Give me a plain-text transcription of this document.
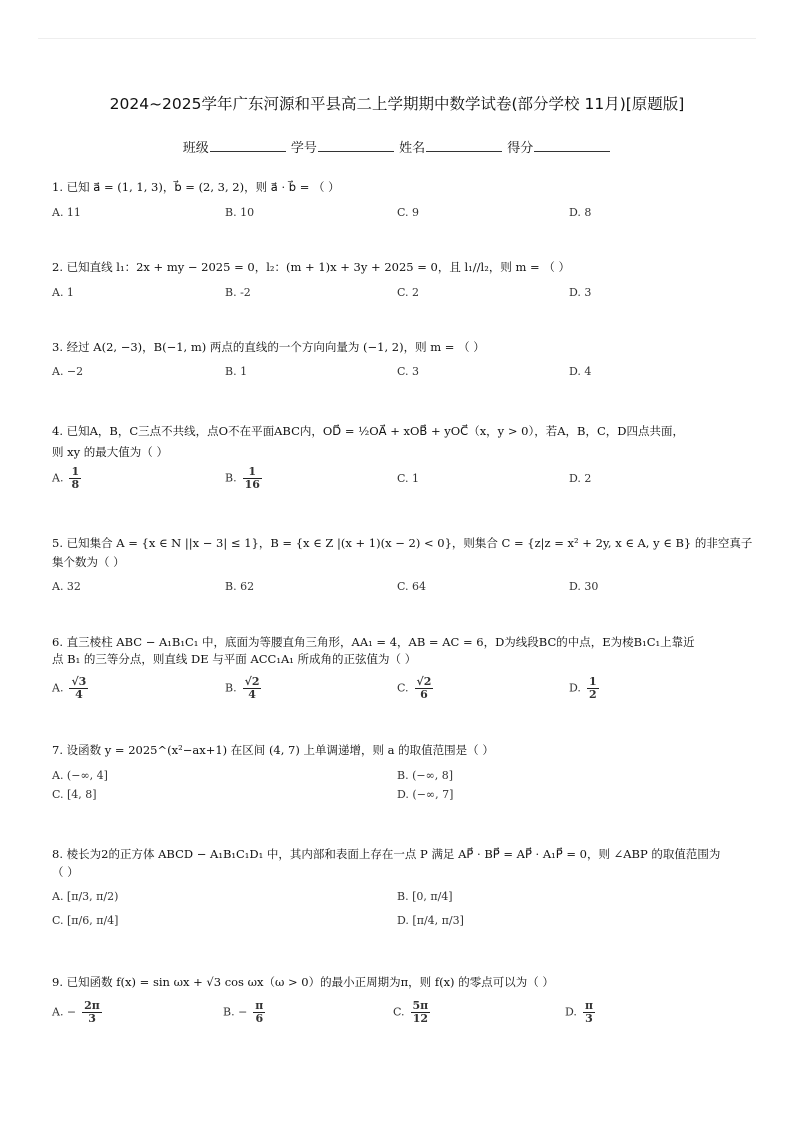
2024~2025学年广东河源和平县高二上学期期中数学试卷(部分学校 11月)[原题版]
班级	学号	姓名	得分
1. 已知 a⃗ = (1, 1, 3)，b⃗ = (2, 3, 2)，则 a⃗ · b⃗ = （ ）
A. 11	B. 10	C. 9	D. 8
2. 已知直线 l₁：2x + my − 2025 = 0，l₂：(m + 1)x + 3y + 2025 = 0，且 l₁//l₂，则 m = （ ）
A. 1	B. -2	C. 2	D. 3
3. 经过 A(2, −3)，B(−1, m) 两点的直线的一个方向向量为 (−1, 2)，则 m = （ ）
A. −2	B. 1	C. 3	D. 4
4. 已知A，B，C三点不共线，点O不在平面ABC内，OD⃗ = ½OA⃗ + xOB⃗ + yOC⃗（x，y > 0），若A，B，C，D四点共面，
则 xy 的最大值为（ ）
A. $\frac{1}{8}$	B. $\frac{1}{16}$	C. 1	D. 2
5. 已知集合 A = {x ∈ N ||x − 3| ≤ 1}，B = {x ∈ Z |(x + 1)(x − 2) < 0}，则集合 C = {z|z = x² + 2y, x ∈ A, y ∈ B} 的非空真子
集个数为（ ）
A. 32	B. 62	C. 64	D. 30
6. 直三棱柱 ABC − A₁B₁C₁ 中，底面为等腰直角三角形，AA₁ = 4，AB = AC = 6，D为线段BC的中点，E为棱B₁C₁上靠近
点 B₁ 的三等分点，则直线 DE 与平面 ACC₁A₁ 所成角的正弦值为（ ）
A. $\frac{√3}{4}$	B. $\frac{√2}{4}$	C. $\frac{√2}{6}$	D. $\frac{1}{2}$
7. 设函数 y = 2025^(x²−ax+1) 在区间 (4, 7) 上单调递增，则 a 的取值范围是（ ）
A. (−∞, 4]	B. (−∞, 8]
C. [4, 8]	D. (−∞, 7]
8. 棱长为2的正方体 ABCD − A₁B₁C₁D₁ 中，其内部和表面上存在一点 P 满足 AP⃗ · BP⃗ = AP⃗ · A₁P⃗ = 0，则 ∠ABP 的取值范围为
（ ）
A. [π/3, π/2)	B. [0, π/4]
C. [π/6, π/4]	D. [π/4, π/3]
9. 已知函数 f(x) = sin ωx + √3 cos ωx（ω > 0）的最小正周期为π，则 f(x) 的零点可以为（ ）
A. − $\frac{2\pi}{3}$	B. − $\frac{\pi}{6}$	C. $\frac{5\pi}{12}$	D. $\frac{\pi}{3}$
